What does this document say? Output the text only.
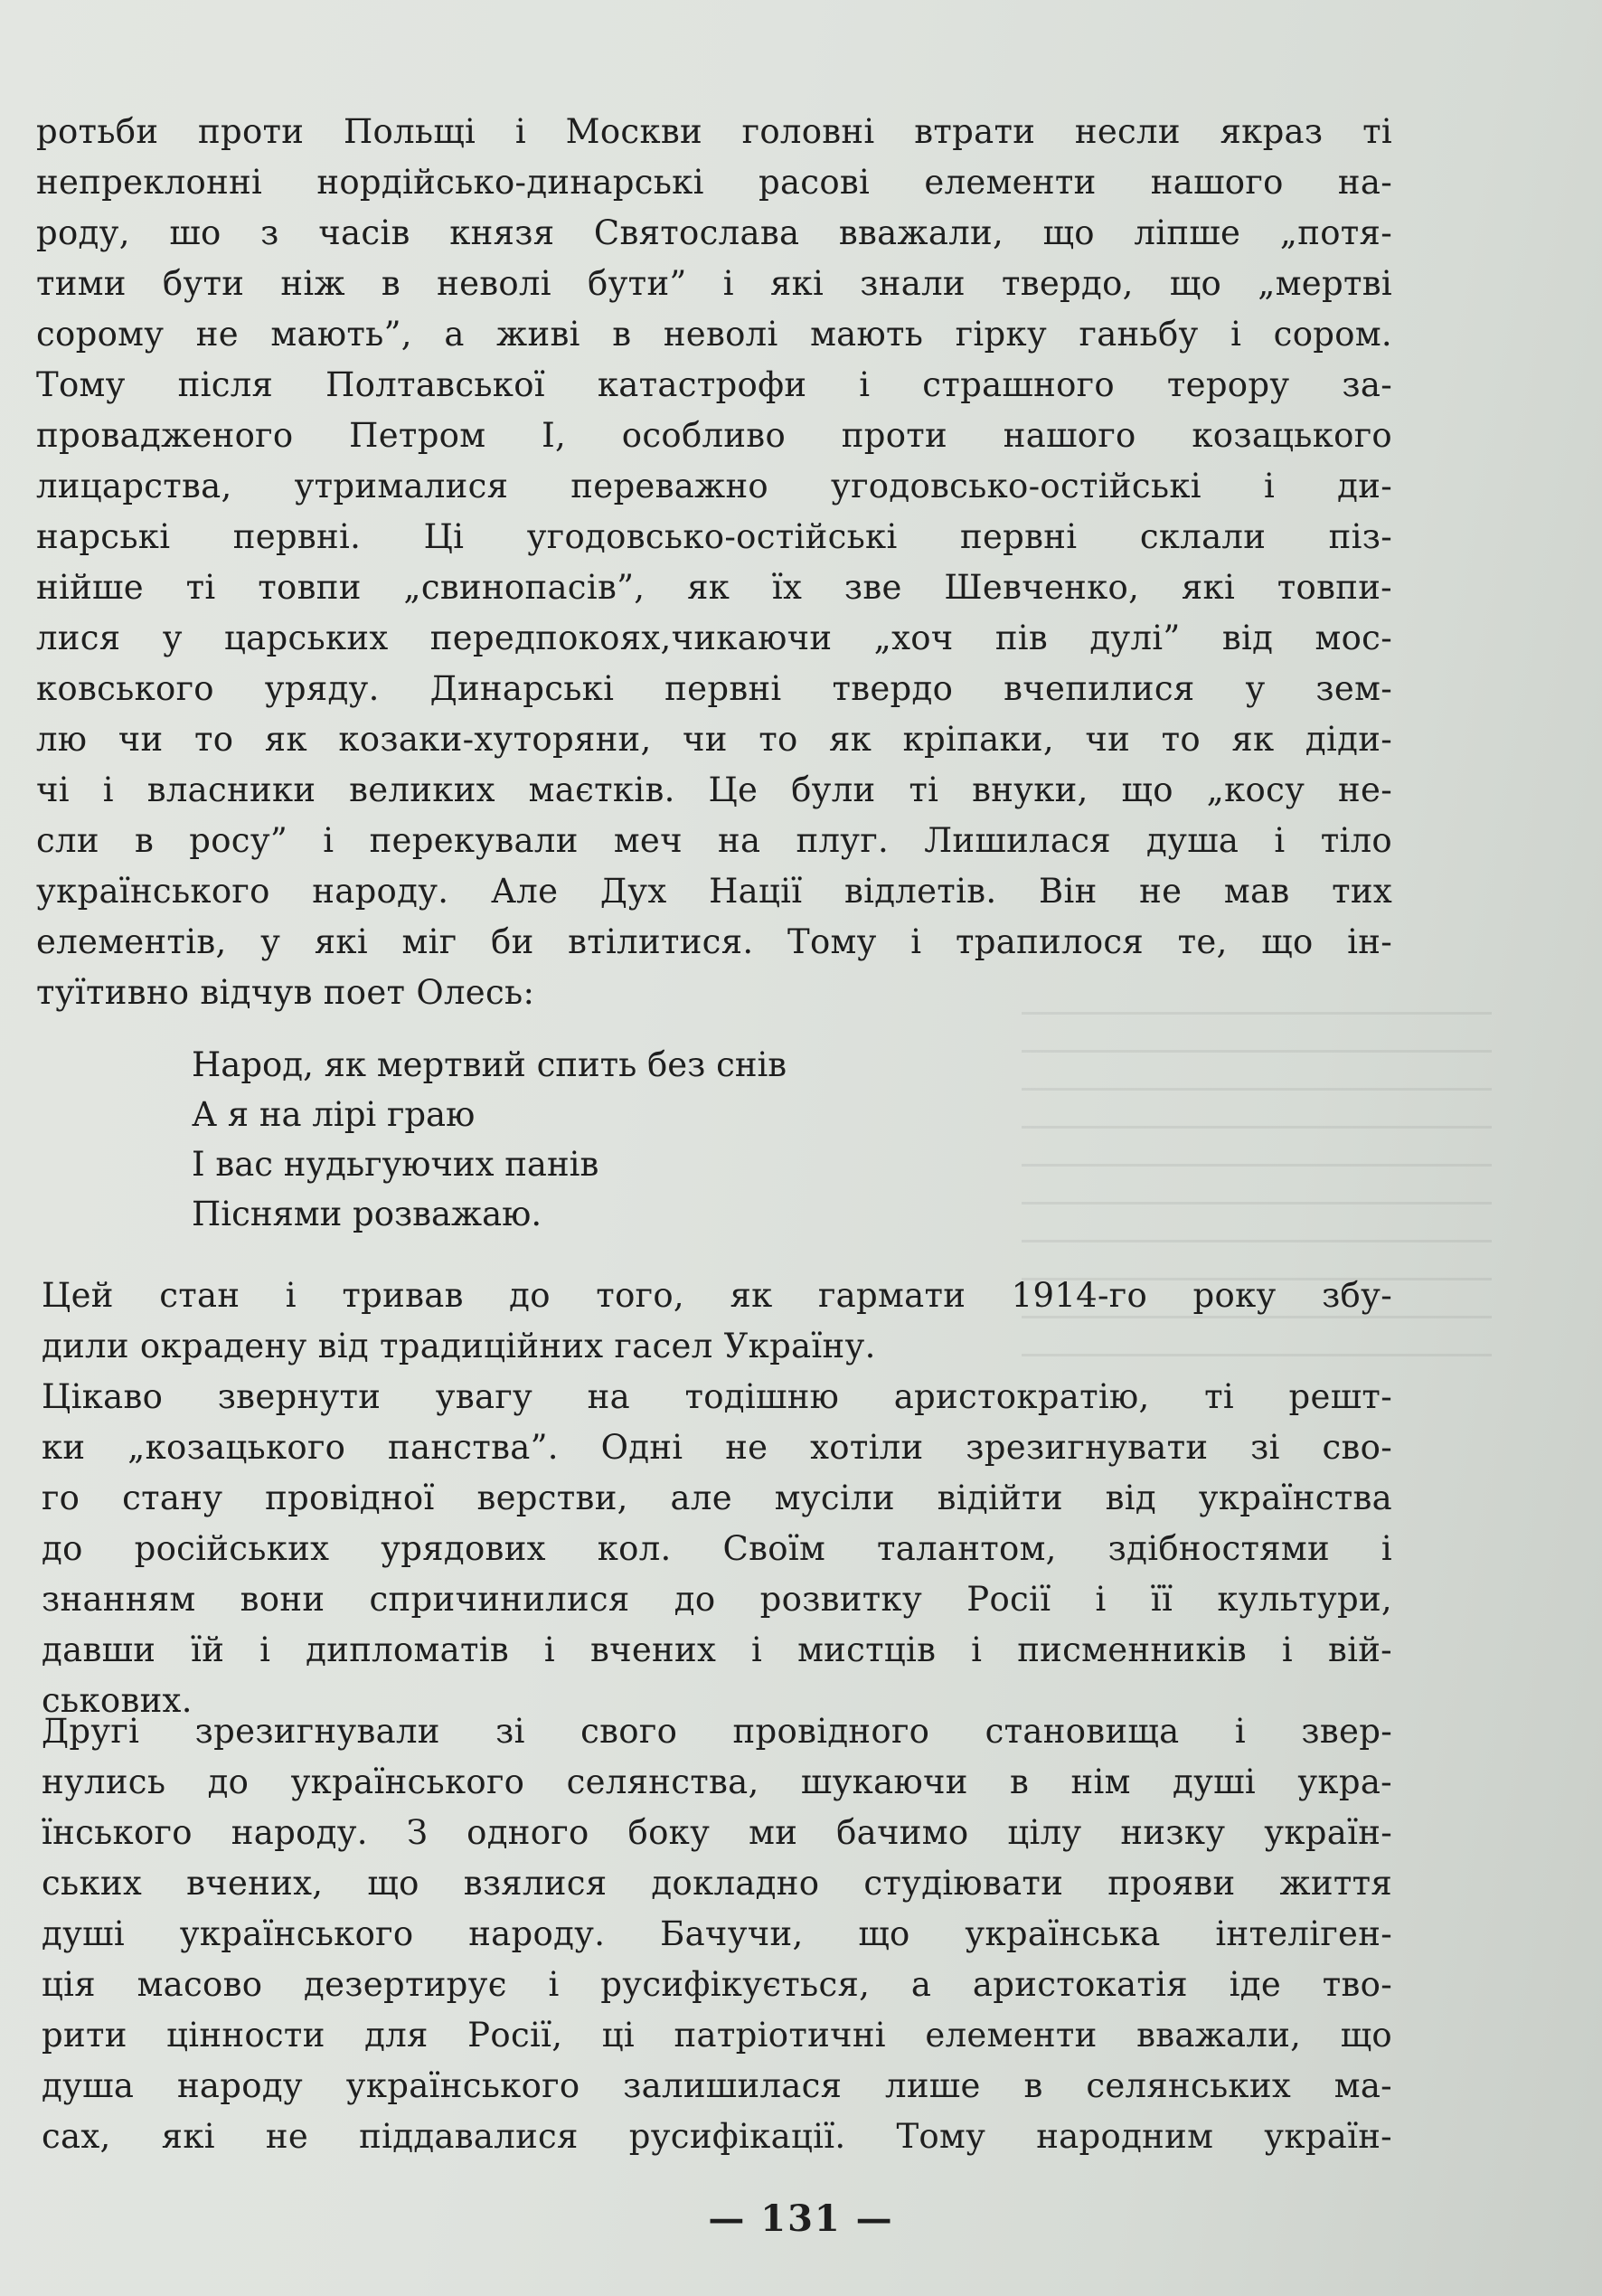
ротьби проти Польщі і Москви головні втрати несли якраз ті
непреклонні нордійсько-динарські расові елементи нашого на-
роду, шо з часів князя Святослава вважали, що ліпше „потя-
тими бути ніж в неволі бути” і які знали твердо, що „мертві
сорому не мають”, а живі в неволі мають гірку ганьбу і сором.
Тому після Полтавської катастрофи і страшного терору за-
провадженого Петром I, особливо проти нашого козацького
лицарства, утрималися переважно угодовсько-остійські і ди-
нарські первні. Ці угодовсько-остійські первні склали піз-
нійше ті товпи „свинопасів”, як їх зве Шевченко, які товпи-
лися у царських передпокоях,чикаючи „хоч пів дулі” від мос-
ковського уряду. Динарські первні твердо вчепилися у зем-
лю чи то як козаки-хуторяни, чи то як кріпаки, чи то як діди-
чі і власники великих маєтків. Це були ті внуки, що „косу не-
сли в росу” і перекували меч на плуг. Лишилася душа і тіло
українського народу. Але Дух Нації відлетів. Він не мав тих
елементів, у які міг би втілитися. Тому і трапилося те, що ін-
туїтивно відчув поет Олесь:
Народ, як мертвий спить без снів
А я на лірі граю
І вас нудьгуючих панів
Піснями розважаю.
Цей стан і тривав до того, як гармати 1914-го року збу-
дили окрадену від традиційних гасел Україну.
Цікаво звернути увагу на тодішню аристократію, ті решт-
ки „козацького панства”. Одні не хотіли зрезигнувати зі сво-
го стану провідної верстви, але мусіли відійти від українства
до російських урядових кол. Своїм талантом, здібностями і
знанням вони спричинилися до розвитку Росії і її культури,
давши їй і дипломатів і вчених і мистців і писменників і вій-
ськових.
Другі зрезигнували зі свого провідного становища і звер-
нулись до українського селянства, шукаючи в нім душі укра-
їнського народу. З одного боку ми бачимо цілу низку україн-
ських вчених, що взялися докладно студіювати прояви життя
душі українського народу. Бачучи, що українська інтеліген-
ція масово дезертирує і русифікується, а аристокатія іде тво-
рити цінности для Росії, ці патріотичні елементи вважали, що
душа народу українського залишилася лише в селянських ма-
сах, які не піддавалися русифікації. Тому народним україн-
— 131 —
